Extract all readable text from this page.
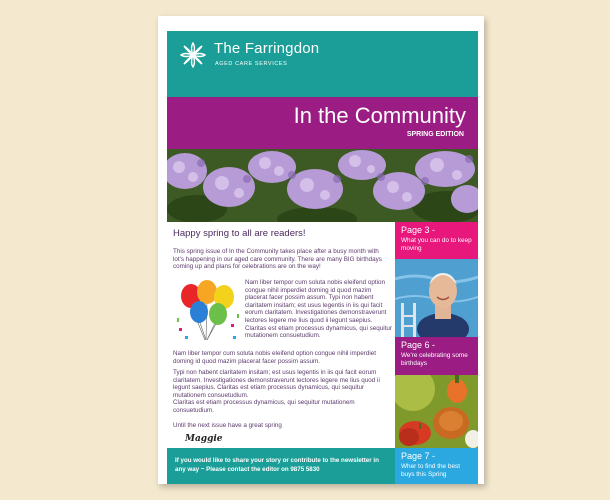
The Farringdon
AGED CARE SERVICES
In the Community
SPRING EDITION
Happy spring to all are readers!
This spring issue of In the Community takes place after a busy month with lot's happening in our aged care community. There are many BIG birthdays coming up and plans for celebrations are on the way!
Nam liber tempor cum soluta nobis eleifend option congue nihil imperdiet doming id quod mazim placerat facer possim assum. Typi non habent claritatem insitam; est usus legentis in iis qui facit eorum claritatem. Investigationes demonstraverunt lectores legere me lius quod ii legunt saepius. Claritas est etiam processus dynamicus, qui sequitur mutationem consuetudium.
Nam liber tempor cum soluta nobis eleifend option congue nihil imperdiet doming id quod mazim placerat facer possim assum.
Typi non habent claritatem insitam; est usus legentis in iis qui facit eorum claritatem. Investigationes demonstraverunt lectores legere me lius quod ii legunt saepius. Claritas est etiam processus dynamicus, qui sequitur mutationem consuetudium.
Claritas est etiam processus dynamicus, qui sequitur mutationem consuetudium.
Until the next issue have a great spring
Maggie
If you would like to share your story or contribute to the newsletter in any way ~ Please contact the editor on 9875 5830
Page 3 -
What you can do to keep moving
Page 6 -
We're celebrating some birthdays
Page 7 -
Wher to find the best buys this Spring
